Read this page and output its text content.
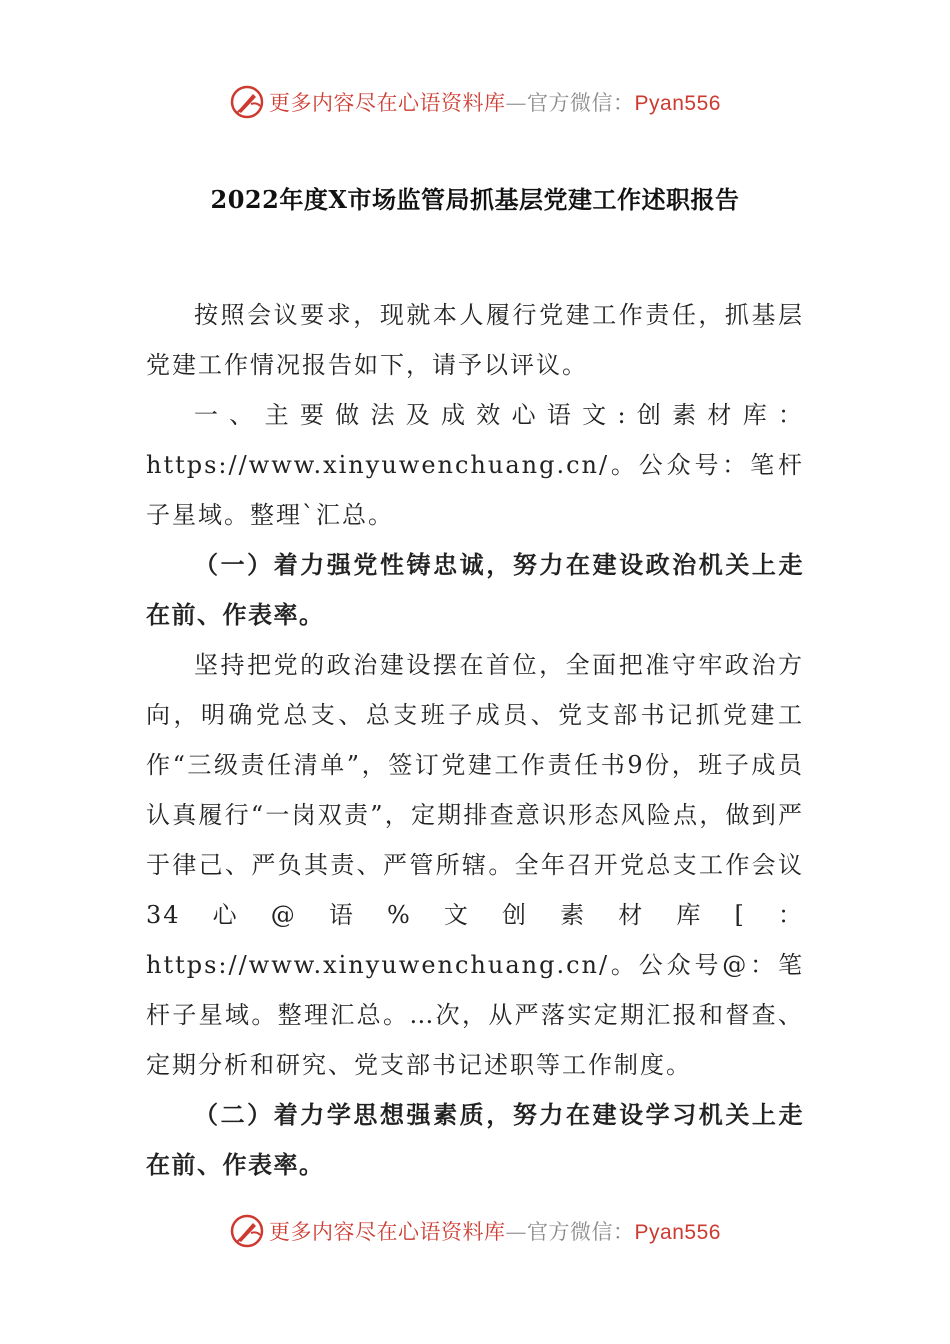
更多内容尽在心语资料库—官方微信：Pyan556
2022年度X市场监管局抓基层党建工作述职报告

按照会议要求，现就本人履行党建工作责任，抓基层党建工作情况报告如下，请予以评议。

一、主要做法及成效心语文:创素材库：https://www.xinyuwenchuang.cn/。公众号：笔杆子星域。整理`汇总。

（一）着力强党性铸忠诚，努力在建设政治机关上走在前、作表率。

坚持把党的政治建设摆在首位，全面把准守牢政治方向，明确党总支、总支班子成员、党支部书记抓党建工作“三级责任清单”，签订党建工作责任书9份，班子成员认真履行“一岗双责”，定期排查意识形态风险点，做到严于律己、严负其责、严管所辖。全年召开党总支工作会议34心@语%文创素材库[：https://www.xinyuwenchuang.cn/。公众号@：笔杆子星域。整理汇总。…次，从严落实定期汇报和督查、定期分析和研究、党支部书记述职等工作制度。

（二）着力学思想强素质，努力在建设学习机关上走在前、作表率。

更多内容尽在心语资料库—官方微信：Pyan556
